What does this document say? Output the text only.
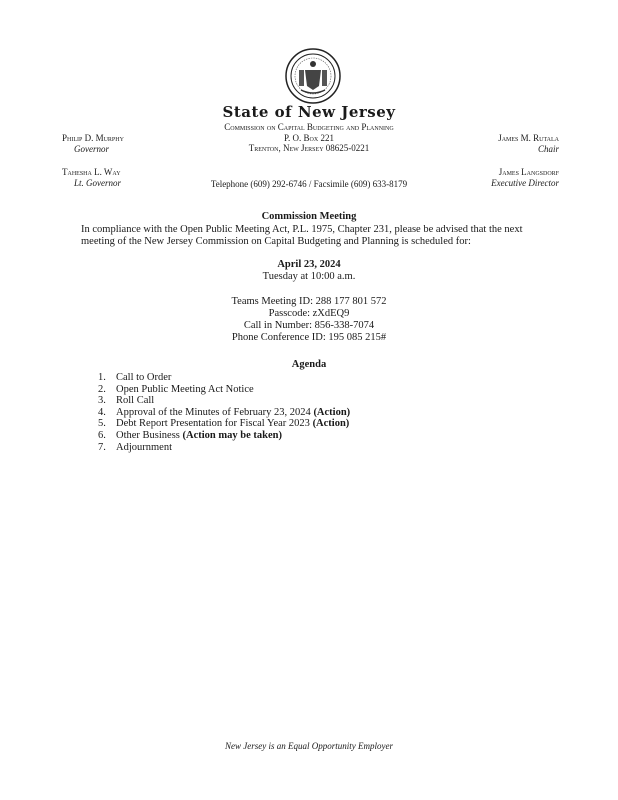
State of New Jersey
Commission on Capital Budgeting and Planning
P. O. Box 221
Trenton, New Jersey 08625-0221
Telephone (609) 292-6746 / Facsimile (609) 633-8179
Philip D. Murphy
Governor
Tahesha L. Way
Lt. Governor
James M. Rutala
Chair
James Langsdorf
Executive Director
Commission Meeting
In compliance with the Open Public Meeting Act, P.L. 1975, Chapter 231, please be advised that the next meeting of the New Jersey Commission on Capital Budgeting and Planning is scheduled for:
April 23, 2024
Tuesday at 10:00 a.m.
Teams Meeting ID: 288 177 801 572
Passcode: zXdEQ9
Call in Number: 856-338-7074
Phone Conference ID: 195 085 215#
Agenda
1. Call to Order
2. Open Public Meeting Act Notice
3. Roll Call
4. Approval of the Minutes of February 23, 2024 (Action)
5. Debt Report Presentation for Fiscal Year 2023 (Action)
6. Other Business (Action may be taken)
7. Adjournment
New Jersey is an Equal Opportunity Employer
